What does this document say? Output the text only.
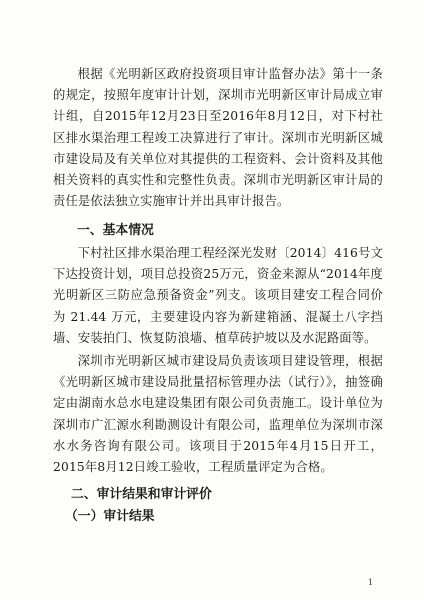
根据《光明新区政府投资项目审计监督办法》第十一条的规定，按照年度审计计划，深圳市光明新区审计局成立审计组，自2015年12月23日至2016年8月12日，对下村社区排水渠治理工程竣工决算进行了审计。深圳市光明新区城市建设局及有关单位对其提供的工程资料、会计资料及其他相关资料的真实性和完整性负责。深圳市光明新区审计局的责任是依法独立实施审计并出具审计报告。

一、基本情况

下村社区排水渠治理工程经深光发财〔2014〕416号文下达投资计划，项目总投资25万元，资金来源从“2014年度光明新区三防应急预备资金”列支。该项目建安工程合同价为 21.44 万元，主要建设内容为新建箱涵、混凝土八字挡墙、安装拍门、恢复防浪墙、植草砖护坡以及水泥路面等。

深圳市光明新区城市建设局负责该项目建设管理，根据《光明新区城市建设局批量招标管理办法（试行）》，抽签确定由湖南水总水电建设集团有限公司负责施工。设计单位为深圳市广汇源水利勘测设计有限公司，监理单位为深圳市深水水务咨询有限公司。该项目于2015年4月15日开工，2015年8月12日竣工验收，工程质量评定为合格。

二、审计结果和审计评价
（一）审计结果
1
